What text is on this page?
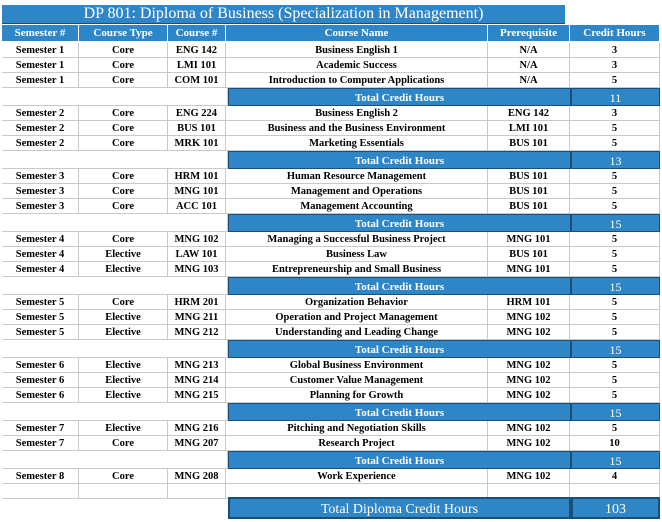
DP 801: Diploma of Business (Specialization in Management)
Semester #	Course Type	Course #	Course Name	Prerequisite	Credit Hours
Semester 1	Core	ENG 142	Business English 1	N/A	3
Semester 1	Core	LMI 101	Academic Success	N/A	3
Semester 1	Core	COM 101	Introduction to Computer Applications	N/A	5
Total Credit Hours	11
Semester 2	Core	ENG 224	Business English 2	ENG 142	3
Semester 2	Core	BUS 101	Business and the Business Environment	LMI 101	5
Semester 2	Core	MRK 101	Marketing Essentials	BUS 101	5
Total Credit Hours	13
Semester 3	Core	HRM 101	Human Resource Management	BUS 101	5
Semester 3	Core	MNG 101	Management and Operations	BUS 101	5
Semester 3	Core	ACC 101	Management Accounting	BUS 101	5
Total Credit Hours	15
Semester 4	Core	MNG 102	Managing a Successful Business Project	MNG 101	5
Semester 4	Elective	LAW 101	Business Law	BUS 101	5
Semester 4	Elective	MNG 103	Entrepreneurship and Small Business	MNG 101	5
Total Credit Hours	15
Semester 5	Core	HRM 201	Organization Behavior	HRM 101	5
Semester 5	Elective	MNG 211	Operation and Project Management	MNG 102	5
Semester 5	Elective	MNG 212	Understanding and Leading Change	MNG 102	5
Total Credit Hours	15
Semester 6	Elective	MNG 213	Global Business Environment	MNG 102	5
Semester 6	Elective	MNG 214	Customer Value Management	MNG 102	5
Semester 6	Elective	MNG 215	Planning for Growth	MNG 102	5
Total Credit Hours	15
Semester 7	Elective	MNG 216	Pitching and Negotiation Skills	MNG 102	5
Semester 7	Core	MNG 207	Research Project	MNG 102	10
Total Credit Hours	15
Semester 8	Core	MNG 208	Work Experience	MNG 102	4
Total Diploma Credit Hours	103
